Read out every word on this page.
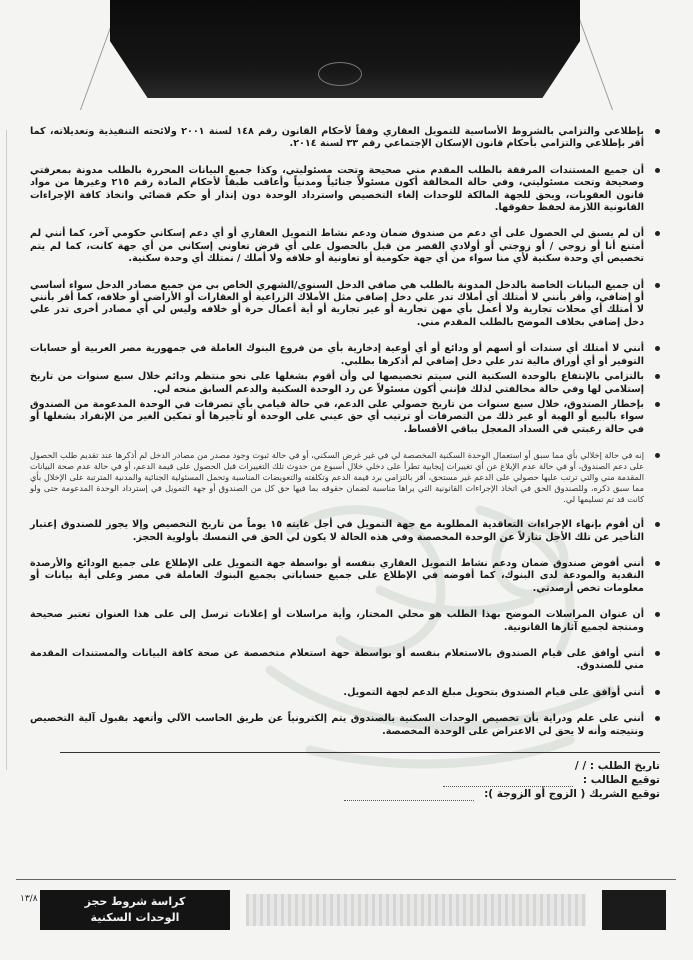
بإطلاعي والتزامي بالشروط الأساسية للتمويل العقاري وفقاً لأحكام القانون رقم ١٤٨ لسنة ٢٠٠١ ولائحته التنفيذية وتعديلاته، كما أقر بإطلاعي والتزامي بأحكام قانون الإسكان الإجتماعي رقم ٣٣ لسنة ٢٠١٤.
أن جميع المستندات المرفقة بالطلب المقدم مني صحيحة وتحت مسئوليتي، وكذا جميع البيانات المحررة بالطلب مدونة بمعرفتي وصحيحة وتحت مسئوليتي، وفي حالة المخالفة أكون مسئولاً جنائياً ومدنياً وأعاقب طبقاً لأحكام المادة رقم ٢١٥ وغيرها من مواد قانون العقوبات، ويحق للجهة المالكة للوحدات إلغاء التخصيص واسترداد الوحدة دون إنذار أو حكم قضائي واتخاذ كافة الإجراءات القانونية اللازمة لحفظ حقوقها.
أن لم يسبق لي الحصول على أي دعم من صندوق ضمان ودعم نشاط التمويل العقاري أو أي دعم إسكاني حكومي آخر، كما أنني لم أمتنع أنا أو زوجي / أو زوجتي أو أولادي القصر من قبل بالحصول على أي قرض تعاوني إسكاني من أي جهة كانت، كما لم يتم تخصيص أي وحدة سكنية لأي منا سواء من أي جهة حكومية أو تعاونية أو خلافه ولا أملك / نمتلك أي وحدة سكنية.
أن جميع البيانات الخاصة بالدخل المدونة بالطلب هي صافي الدخل السنوي/الشهري الخاص بي من جميع مصادر الدخل سواء أساسي أو إضافي، وأقر بأنني لا أمتلك أي أملاك تدر علي دخل إضافي مثل الأملاك الزراعية أو العقارات أو الأراضي أو خلافه، كما أقر بأنني لا أمتلك أي محلات تجارية ولا أعمل بأي مهن تجارية أو غير تجارية أو أية أعمال حرة أو خلافه وليس لي أي مصادر أخرى تدر علي دخل إضافي بخلاف الموضح بالطلب المقدم مني.
أنني لا أمتلك أي سندات أو أسهم أو ودائع أو أي أوعية إدخارية بأي من فروع البنوك العاملة في جمهورية مصر العربية أو حسابات التوفير أو أي أوراق مالية تدر علي دخل إضافي لم أذكرها بطلبي.
بالتزامي بالإنتفاع بالوحدة السكنية التي سيتم تخصيصها لي وأن أقوم بشغلها على نحو منتظم ودائم خلال سبع سنوات من تاريخ إستلامي لها وفي حالة مخالفتي لذلك فإنني أكون مسئولاً عن رد الوحدة السكنية والدعم السابق منحه لي.
بإخطار الصندوق، خلال سبع سنوات من تاريخ حصولي على الدعم، في حالة قيامي بأي تصرفات في الوحدة المدعومة من الصندوق سواء بالبيع أو الهبة أو غير ذلك من التصرفات أو ترتيب أي حق عيني على الوحدة أو تأجيرها أو تمكين الغير من الإنفراد بشغلها أو في حالة رغبتي في السداد المعجل بباقي الأقساط.
إنه في حالة إخلالي بأي مما سبق أو استعمال الوحدة السكنية المخصصة لي في غير غرض السكني، أو في حالة ثبوت وجود مصدر من مصادر الدخل لم أذكرها عند تقديم طلب الحصول على دعم الصندوق، أو في حالة عدم الإبلاغ عن أي تغييرات إيجابية تطرأ على دخلي خلال أسبوع من حدوث تلك التغييرات قبل الحصول على قيمة الدعم، أو في حالة عدم صحة البيانات المقدمة مني والتي ترتب عليها حصولي على الدعم غير مستحق، أقر بالتزامي برد قيمة الدعم وتكلفته والتعويضات المناسبة وتحمل المسئولية الجنائية والمدنية المترتبة على الإخلال بأي مما سبق ذكره، وللصندوق الحق في اتخاذ الإجراءات القانونية التي يراها مناسبة لضمان حقوقه بما فيها حق كل من الصندوق أو جهة التمويل في إسترداد الوحدة المدعومة حتى ولو كانت قد تم تسليمها لي.
أن أقوم بإنهاء الإجراءات التعاقدية المطلوبة مع جهة التمويل في أجل غايته ١٥ يوماً من تاريخ التخصيص وإلا يجوز للصندوق إعتبار التأخير عن تلك الأجل تنازلاً عن الوحدة المخصصة وفي هذه الحالة لا يكون لي الحق في التمسك بأولوية الحجز.
أنني أفوض صندوق ضمان ودعم نشاط التمويل العقاري بنفسه أو بواسطة جهة التمويل على الإطلاع على جميع الودائع والأرصدة النقدية والمودعة لدى البنوك، كما أفوضه في الإطلاع على جميع حساباتي بجميع البنوك العاملة في مصر وعلى أية بيانات أو معلومات تخص أرصدتي.
أن عنوان المراسلات الموضح بهذا الطلب هو محلي المختار، وأية مراسلات أو إعلانات ترسل إلى على هذا العنوان تعتبر صحيحة ومنتجة لجميع آثارها القانونية.
أنني أوافق على قيام الصندوق بالاستعلام بنفسه أو بواسطة جهة استعلام متخصصة عن صحة كافة البيانات والمستندات المقدمة مني للصندوق.
أنني أوافق على قيام الصندوق بتحويل مبلغ الدعم لجهة التمويل.
أنني على علم ودراية بأن تخصيص الوحدات السكنية بالصندوق يتم إلكترونياً عن طريق الحاسب الآلي وأتعهد بقبول آلية التخصيص ونتيجته وأنه لا يحق لي الاعتراض على الوحدة المخصصة.

تاريخ الطلب : / /

توقيع الطالب :

توقيع الشريك ( الزوج أو الزوجة ):

١٣/٨	كراسة شروط حجز
الوحدات السكنية
